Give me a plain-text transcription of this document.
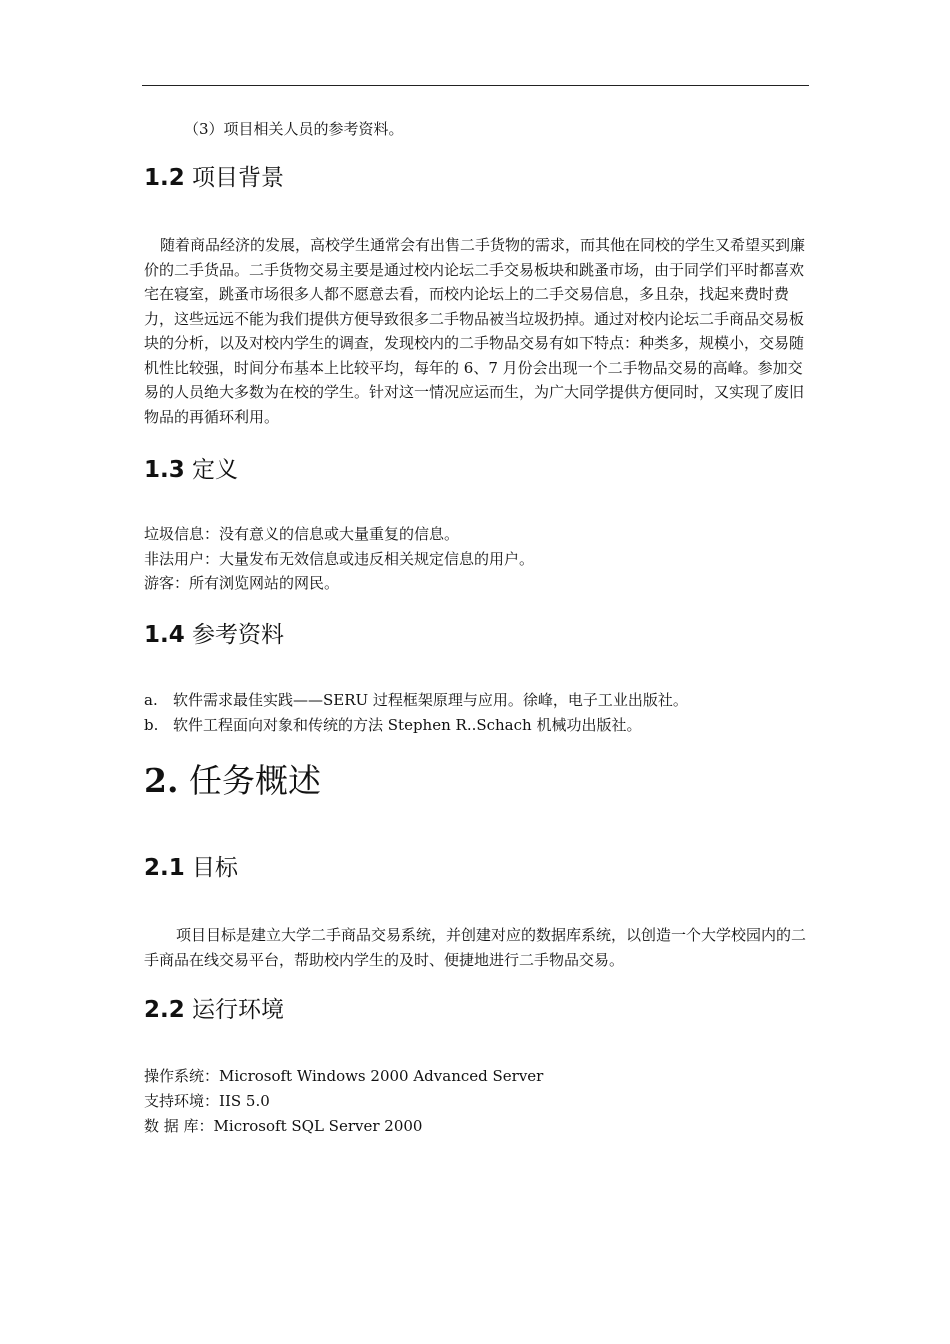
（3）项目相关人员的参考资料。
1.2 项目背景
随着商品经济的发展，高校学生通常会有出售二手货物的需求，而其他在同校的学生又希望买到廉价的二手货品。二手货物交易主要是通过校内论坛二手交易板块和跳蚤市场，由于同学们平时都喜欢宅在寝室，跳蚤市场很多人都不愿意去看，而校内论坛上的二手交易信息，多且杂，找起来费时费力，这些远远不能为我们提供方便导致很多二手物品被当垃圾扔掉。通过对校内论坛二手商品交易板块的分析，以及对校内学生的调查，发现校内的二手物品交易有如下特点：种类多，规模小，交易随机性比较强，时间分布基本上比较平均，每年的 6、7 月份会出现一个二手物品交易的高峰。参加交易的人员绝大多数为在校的学生。针对这一情况应运而生，为广大同学提供方便同时，又实现了废旧物品的再循环利用。
1.3 定义
垃圾信息：没有意义的信息或大量重复的信息。
非法用户：大量发布无效信息或违反相关规定信息的用户。
游客：所有浏览网站的网民。
1.4 参考资料
a. 软件需求最佳实践——SERU 过程框架原理与应用。徐峰，电子工业出版社。
b. 软件工程面向对象和传统的方法 Stephen R..Schach 机械功出版社。
2. 任务概述
2.1 目标
项目目标是建立大学二手商品交易系统，并创建对应的数据库系统，以创造一个大学校园内的二手商品在线交易平台，帮助校内学生的及时、便捷地进行二手物品交易。
2.2 运行环境
操作系统：Microsoft Windows 2000 Advanced Server
支持环境：IIS 5.0
数 据 库：Microsoft SQL Server 2000
